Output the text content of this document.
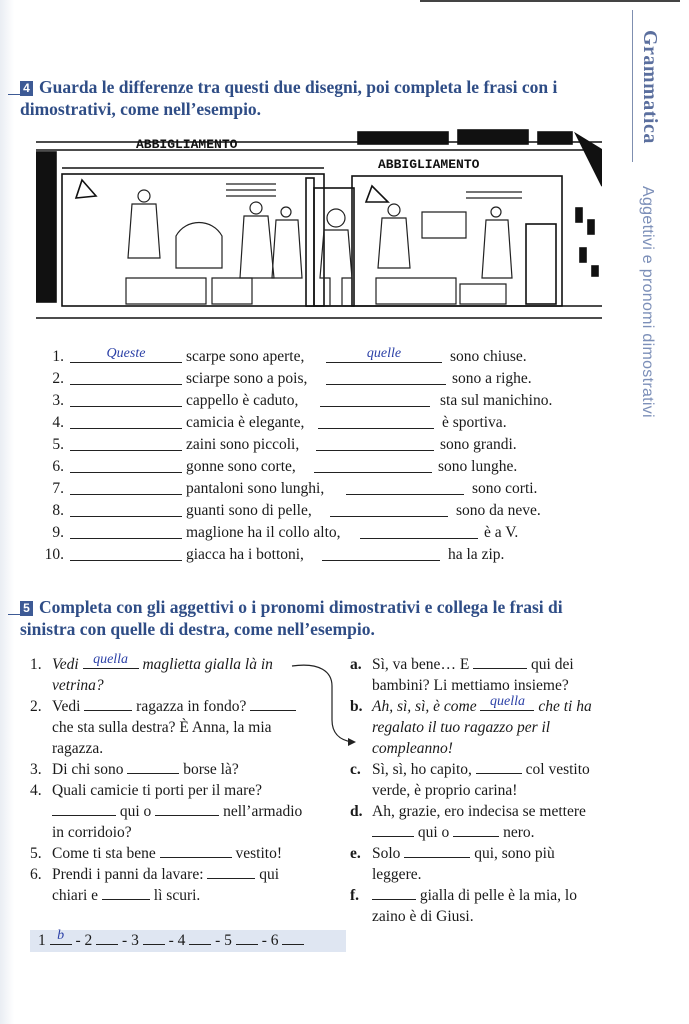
Grammatica
Aggettivi e pronomi dimostrativi
4 Guarda le differenze tra questi due disegni, poi completa le frasi con i dimostrativi, come nell’esempio.
ABBIGLIAMENTO
ABBIGLIAMENTO
1.	Queste	scarpe sono aperte,	quelle	sono chiuse.
2.	sciarpe sono a pois,	sono a righe.
3.	cappello è caduto,	sta sul manichino.
4.	camicia è elegante,	è sportiva.
5.	zaini sono piccoli,	sono grandi.
6.	gonne sono corte,	sono lunghe.
7.	pantaloni sono lunghi,	sono corti.
8.	guanti sono di pelle,	sono da neve.
9.	maglione ha il collo alto,	è a V.
10.	giacca ha i bottoni,	ha la zip.
5 Completa con gli aggettivi o i pronomi dimostrativi e collega le frasi di sinistra con quelle di destra, come nell’esempio.
1. Vedi	quella maglietta gialla là in
vetrina?
2. Vedi	ragazza in fondo?
che sta sulla destra? È Anna, la mia
ragazza.
3. Di chi sono	borse là?
4. Quali camicie ti porti per il mare?
qui o	nell’armadio
in corridoio?
5. Come ti sta bene	vestito!
6. Prendi i panni da lavare:	qui
chiari e	lì scuri.
a. Sì, va bene… E	qui dei
bambini? Li mettiamo insieme?
b. Ah, sì, sì, è come quella che ti ha
regalato il tuo ragazzo per il
compleanno!
c. Sì, sì, ho capito,	col vestito
verde, è proprio carina!
d. Ah, grazie, ero indecisa se mettere
qui o	nero.
e. Solo	qui, sono più
leggere.
f.	gialla di pelle è la mia, lo
zaino è di Giusi.
1 b - 2 - 3 - 4 - 5 - 6
